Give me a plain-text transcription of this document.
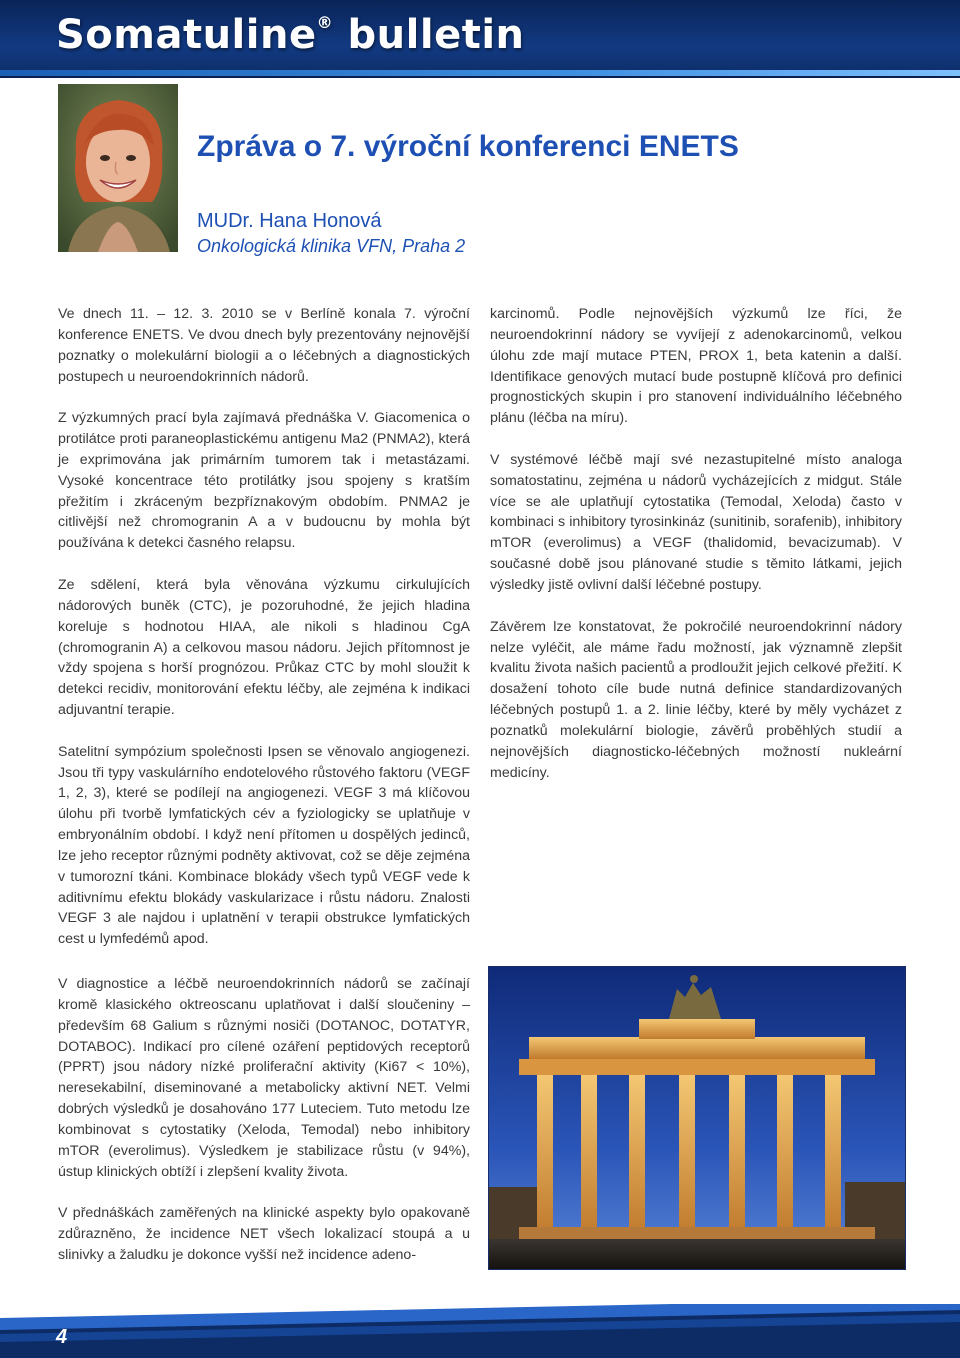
Somatuline® bulletin
Zpráva o 7. výroční konferenci ENETS
MUDr. Hana Honová
Onkologická klinika VFN, Praha 2

Ve dnech 11. – 12. 3. 2010 se v Berlíně konala 7. výroční konference ENETS. Ve dvou dnech byly prezentovány nejnovější poznatky o molekulární biologii a o léčebných a diagnostických postupech u neuroendokrinních nádorů.

Z výzkumných prací byla zajímavá přednáška V. Giacomenica o protilátce proti paraneoplastickému antigenu Ma2 (PNMA2), která je exprimována jak primárním tumorem tak i metastázami. Vysoké koncentrace této protilátky jsou spojeny s kratším přežitím i zkráceným bezpříznakovým obdobím. PNMA2 je citlivější než chromogranin A a v budoucnu by mohla být používána k detekci časného relapsu.

Ze sdělení, která byla věnována výzkumu cirkulujících nádorových buněk (CTC), je pozoruhodné, že jejich hladina koreluje s hodnotou HIAA, ale nikoli s hladinou CgA (chromogranin A) a celkovou masou nádoru. Jejich přítomnost je vždy spojena s horší prognózou. Průkaz CTC by mohl sloužit k detekci recidiv, monitorování efektu léčby, ale zejména k indikaci adjuvantní terapie.

Satelitní sympózium společnosti Ipsen se věnovalo angiogenezi. Jsou tři typy vaskulárního endotelového růstového faktoru (VEGF 1, 2, 3), které se podílejí na angiogenezi. VEGF 3 má klíčovou úlohu při tvorbě lymfatických cév a fyziologicky se uplatňuje v embryonálním období. I když není přítomen u dospělých jedinců, lze jeho receptor různými podněty aktivovat, což se děje zejména v tumorozní tkáni. Kombinace blokády všech typů VEGF vede k aditivnímu efektu blokády vaskularizace i růstu nádoru. Znalosti VEGF 3 ale najdou i uplatnění v terapii obstrukce lymfatických cest u lymfedémů apod.

karcinomů. Podle nejnovějších výzkumů lze říci, že neuroendokrinní nádory se vyvíjejí z adenokarcinomů, velkou úlohu zde mají mutace PTEN, PROX 1, beta katenin a další. Identifikace genových mutací bude postupně klíčová pro definici prognostických skupin i pro stanovení individuálního léčebného plánu (léčba na míru).

V systémové léčbě mají své nezastupitelné místo analoga somatostatinu, zejména u nádorů vycházejících z midgut. Stále více se ale uplatňují cytostatika (Temodal, Xeloda) často v kombinaci s inhibitory tyrosinkináz (sunitinib, sorafenib), inhibitory mTOR (everolimus) a VEGF (thalidomid, bevacizumab). V současné době jsou plánované studie s těmito látkami, jejich výsledky jistě ovlivní další léčebné postupy.

Závěrem lze konstatovat, že pokročilé neuroendokrinní nádory nelze vyléčit, ale máme řadu možností, jak významně zlepšit kvalitu života našich pacientů a prodloužit jejich celkové přežití. K dosažení tohoto cíle bude nutná definice standardizovaných léčebných postupů 1. a 2. linie léčby, které by měly vycházet z poznatků molekulární biologie, závěrů proběhlých studií a nejnovějších diagnosticko-léčebných možností nukleární medicíny.

V diagnostice a léčbě neuroendokrinních nádorů se začínají kromě klasického oktreoscanu uplatňovat i další sloučeniny – především 68 Galium s různými nosiči (DOTANOC, DOTATYR, DOTABOC). Indikací pro cílené ozáření peptidových receptorů (PPRT) jsou nádory nízké proliferační aktivity (Ki67 < 10%), neresekabilní, diseminované a metabolicky aktivní NET. Velmi dobrých výsledků je dosahováno 177 Luteciem. Tuto metodu lze kombinovat s cytostatiky (Xeloda, Temodal) nebo inhibitory mTOR (everolimus). Výsledkem je stabilizace růstu (v 94%), ústup klinických obtíží i zlepšení kvality života.

V přednáškách zaměřených na klinické aspekty bylo opakovaně zdůrazněno, že incidence NET všech lokalizací stoupá a u slinivky a žaludku je dokonce vyšší než incidence adeno-

4
